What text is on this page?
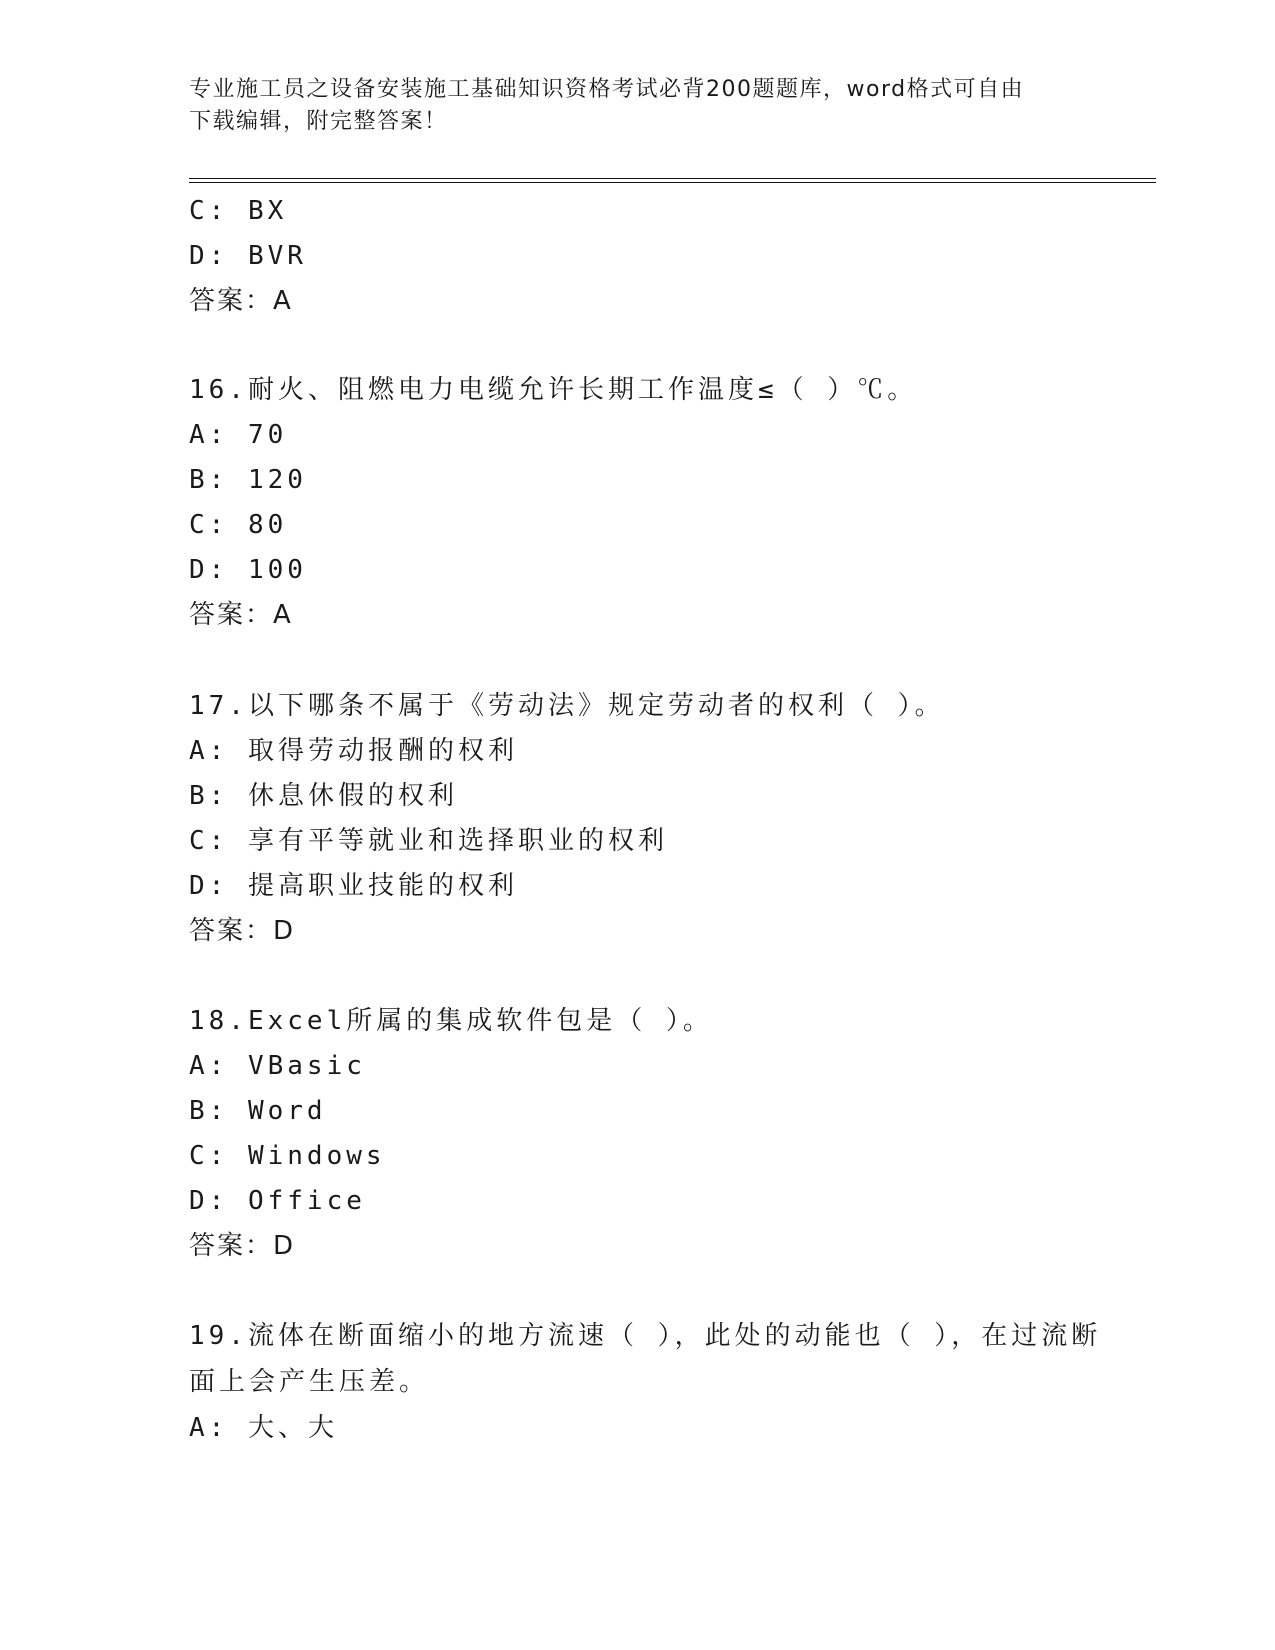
专业施工员之设备安装施工基础知识资格考试必背200题题库，word格式可自由
下载编辑，附完整答案！
C: BX
D: BVR
答案：A
16.耐火、阻燃电力电缆允许长期工作温度≤（ ）℃。
A: 70
B: 120
C: 80
D: 100
答案：A
17.以下哪条不属于《劳动法》规定劳动者的权利（ ）。
A: 取得劳动报酬的权利
B: 休息休假的权利
C: 享有平等就业和选择职业的权利
D: 提高职业技能的权利
答案：D
18.Excel所属的集成软件包是（ ）。
A: VBasic
B: Word
C: Windows
D: Office
答案：D
19.流体在断面缩小的地方流速（ ），此处的动能也（ ），在过流断
面上会产生压差。
A: 大、大
